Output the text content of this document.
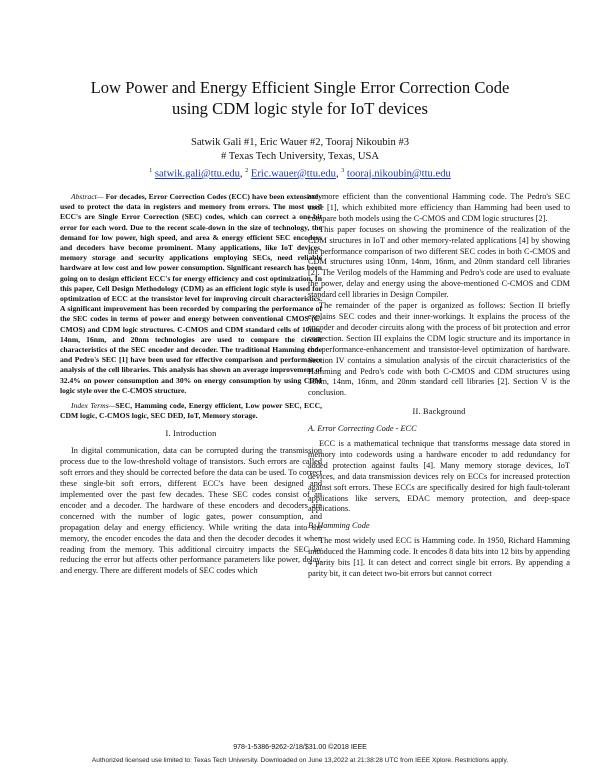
Low Power and Energy Efficient Single Error Correction Code
using CDM logic style for IoT devices
Satwik Gali #1, Eric Wauer #2, Tooraj Nikoubin #3
# Texas Tech University, Texas, USA
$^1$ satwik.gali@ttu.edu, $^2$ Eric.wauer@ttu.edu, $^3$ tooraj.nikoubin@ttu.edu

Abstract— For decades, Error Correction Codes (ECC) have been extensively used to protect the data in registers and memory from errors. The most used ECC's are Single Error Correction (SEC) codes, which can correct a one-bit error for each word. Due to the recent scale-down in the size of technology, the demand for low power, high speed, and area & energy efficient SEC encoders and decoders have become prominent. Many applications, like IoT devices, memory storage and security applications employing SECs, need reliable hardware at low cost and low power consumption. Significant research has been going on to design efficient ECC's for energy efficiency and cost optimization. In this paper, Cell Design Methodology (CDM) as an efficient logic style is used for optimization of ECC at the transistor level for improving circuit characteristics. A significant improvement has been recorded by comparing the performance of the SEC codes in terms of power and energy between conventional CMOS (C-CMOS) and CDM logic structures. C-CMOS and CDM standard cells of 10nm, 14nm, 16nm, and 20nm technologies are used to compare the circuit characteristics of the SEC encoder and decoder. The traditional Hamming code and Pedro's SEC [1] have been used for effective comparison and performance analysis of the cell libraries. This analysis has shown an average improvement of 32.4% on power consumption and 30% on energy consumption by using CDM logic style over the C-CMOS structure.

Index Terms—SEC, Hamming code, Energy efficient, Low power SEC, ECC, CDM logic, C-CMOS logic, SEC DED, IoT, Memory storage.

I. Introduction

In digital communication, data can be corrupted during the transmission process due to the low-threshold voltage of transistors. Such errors are called soft errors and they should be corrected before the data can be used. To correct these single-bit soft errors, different ECC's have been designed and implemented over the past few decades. These SEC codes consist of an encoder and a decoder. The hardware of these encoders and decoders are concerned with the number of logic gates, power consumption, and propagation delay and energy efficiency. While writing the data into the memory, the encoder encodes the data and then the decoder decodes it when reading from the memory. This additional circuitry impacts the SEC by reducing the error but affects other performance parameters like power, delay, and energy. There are different models of SEC codes which

are more efficient than the conventional Hamming code. The Pedro's SEC code [1], which exhibited more efficiency than Hamming had been used to compare both models using the C-CMOS and CDM logic structures [2].

This paper focuses on showing the prominence of the realization of the CDM structures in IoT and other memory-related applications [4] by showing the performance comparison of two different SEC codes in both C-CMOS and CDM structures using 10nm, 14nm, 16nm, and 20nm standard cell libraries [2]. The Verilog models of the Hamming and Pedro's code are used to evaluate the power, delay and energy using the above-mentioned C-CMOS and CDM standard cell libraries in Design Compiler.

The remainder of the paper is organized as follows: Section II briefly explains SEC codes and their inner-workings. It explains the process of the encoder and decoder circuits along with the process of bit protection and error correction. Section III explains the CDM logic structure and its importance in the performance-enhancement and transistor-level optimization of hardware. Section IV contains a simulation analysis of the circuit characteristics of the Hamming and Pedro's code with both C-CMOS and CDM structures using 10nm, 14nm, 16nm, and 20nm standard cell libraries [2]. Section V is the conclusion.

II. Background
A. Error Correcting Code - ECC

ECC is a mathematical technique that transforms message data stored in memory into codewords using a hardware encoder to add redundancy for added protection against faults [4]. Many memory storage devices, IoT devices, and data transmission devices rely on ECCs for increased protection against soft errors. These ECCs are specifically desired for high fault-tolerant applications like servers, EDAC memory protection, and deep-space applications.

B. Hamming Code

The most widely used ECC is Hamming code. In 1950, Richard Hamming introduced the Hamming code. It encodes 8 data bits into 12 bits by appending 4 parity bits [1]. It can detect and correct single bit errors. By appending a parity bit, it can detect two-bit errors but cannot correct

978-1-5386-9262-2/18/$31.00 ©2018 IEEE
Authorized licensed use limited to: Texas Tech University. Downloaded on June 13,2022 at 21:38:28 UTC from IEEE Xplore. Restrictions apply.
